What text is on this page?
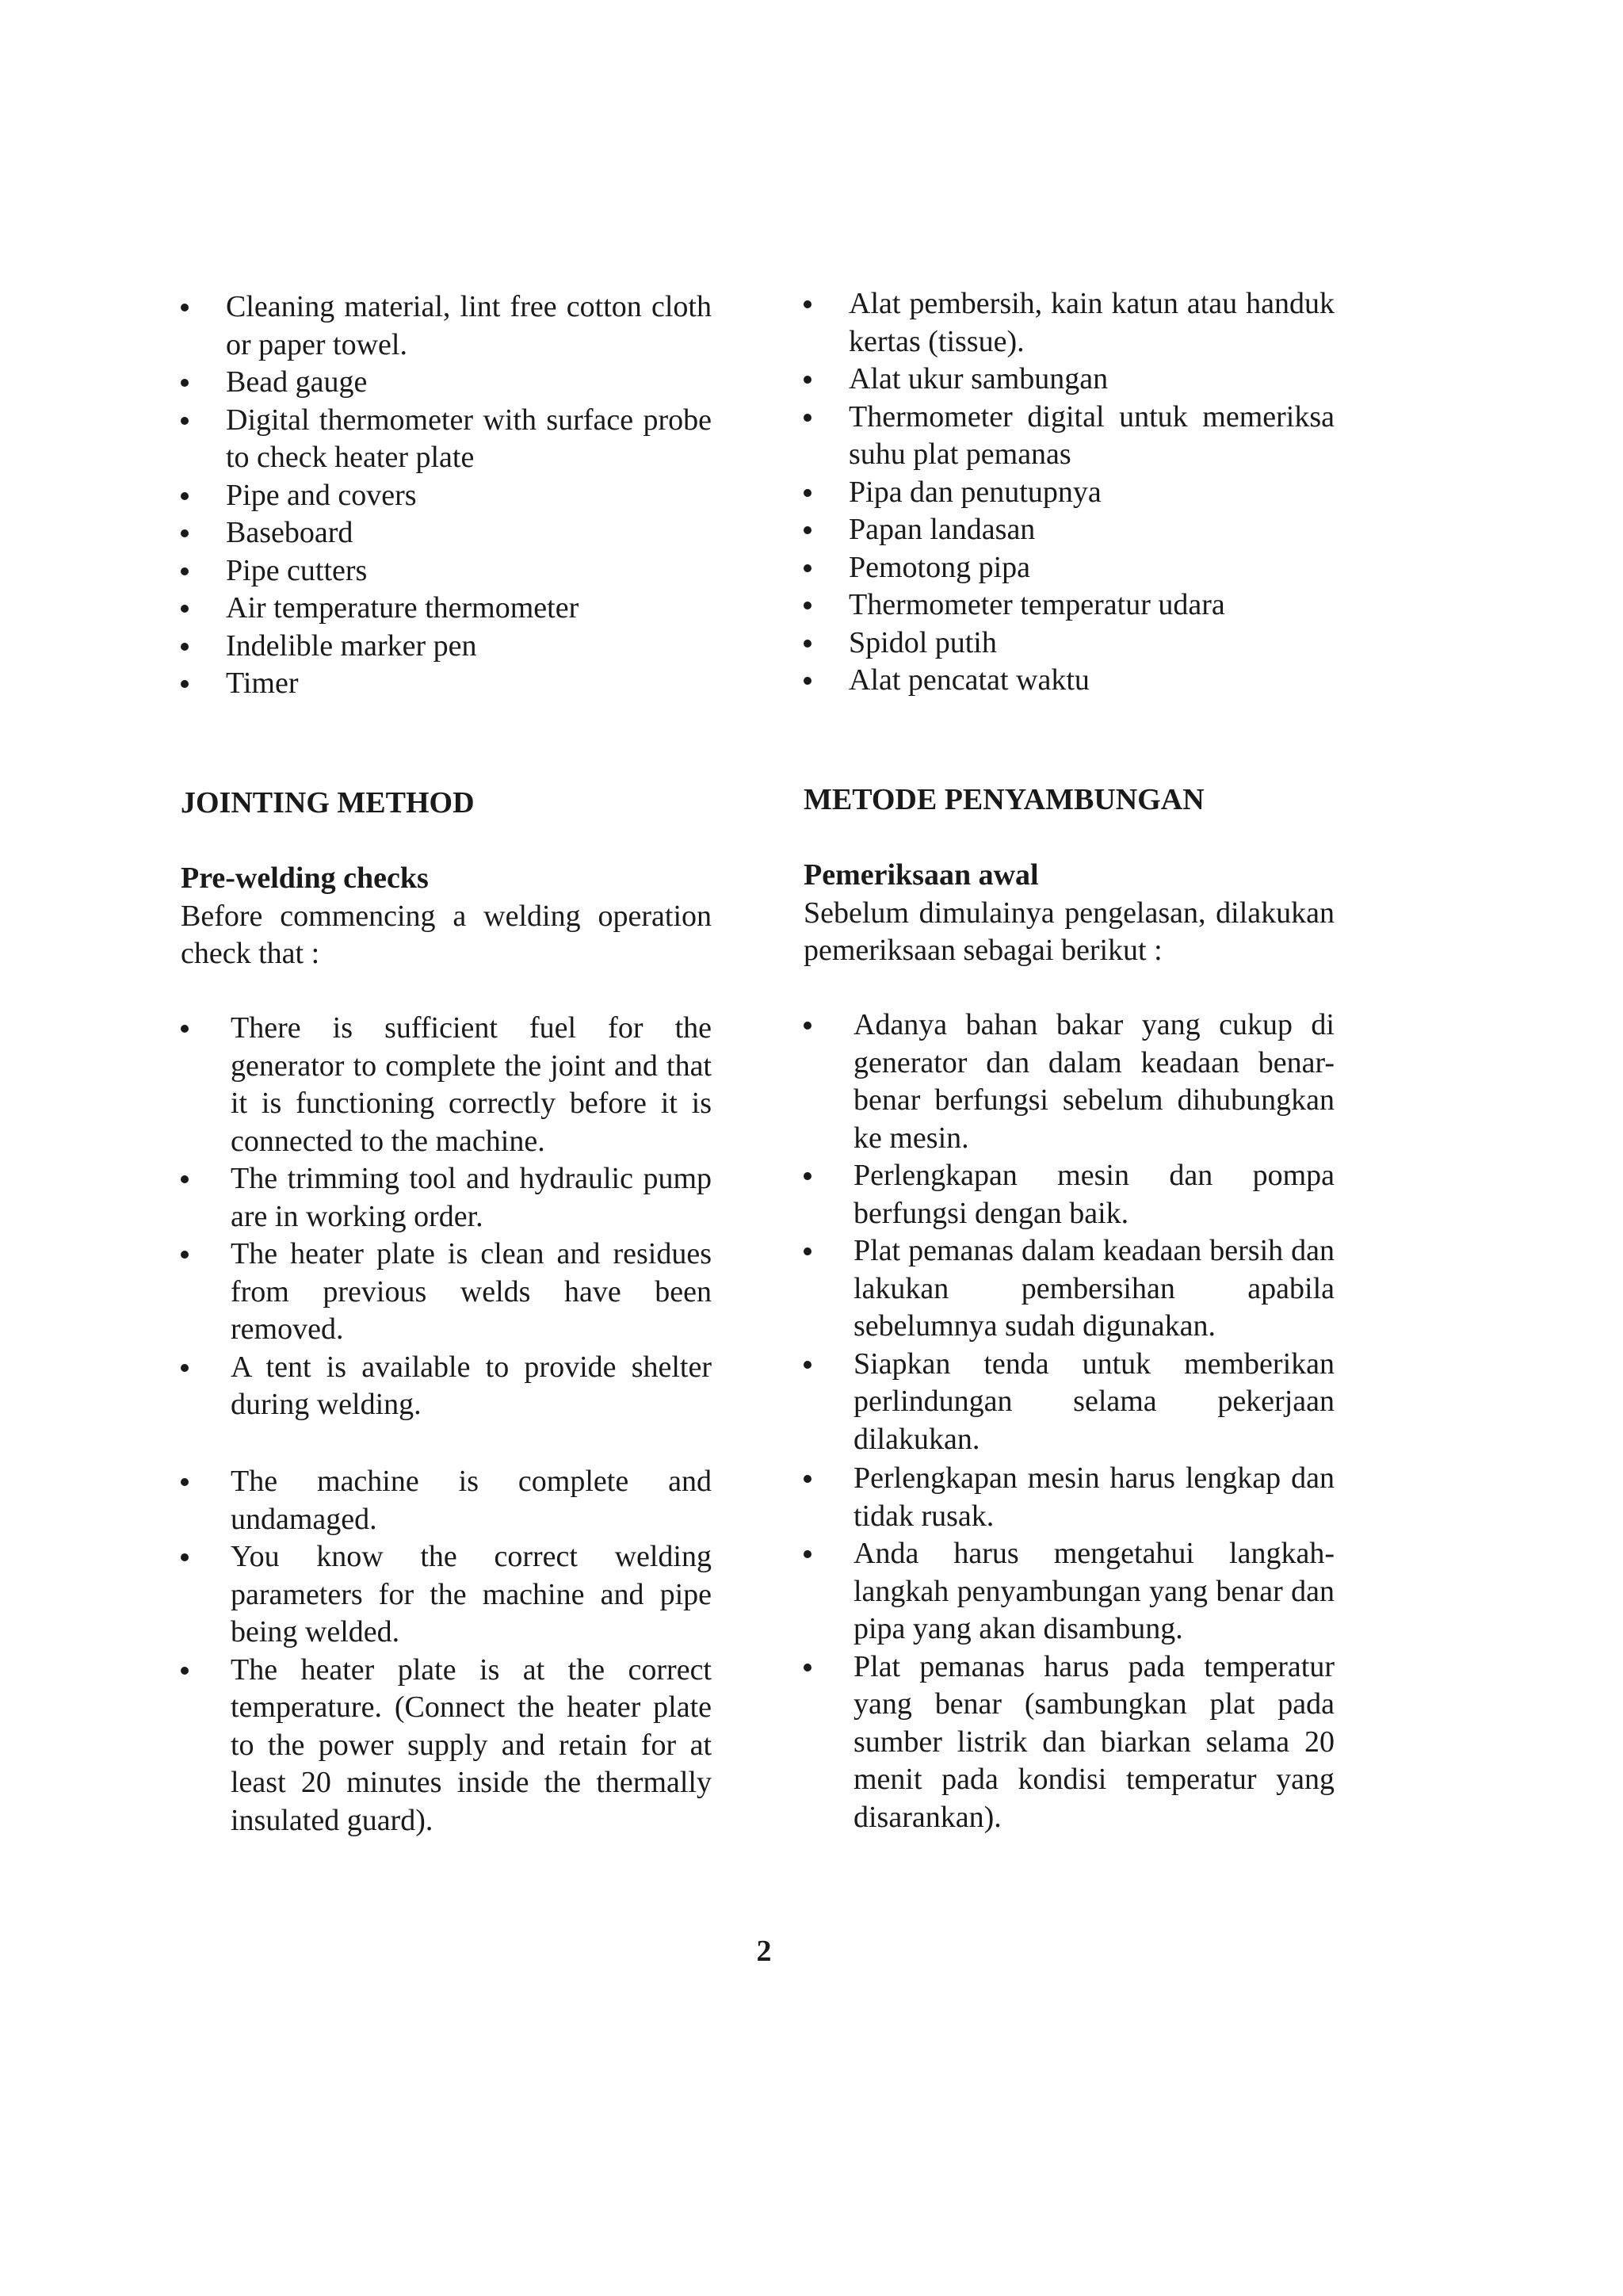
Cleaning material, lint free cotton cloth or paper towel.
Bead gauge
Digital thermometer with surface probe to check heater plate
Pipe and covers
Baseboard
Pipe cutters
Air temperature thermometer
Indelible marker pen
Timer
JOINTING METHOD
Pre-welding checks

Before commencing a welding operation check that :

There is sufficient fuel for the generator to complete the joint and that it is functioning correctly before it is connected to the machine.
The trimming tool and hydraulic pump are in working order.
The heater plate is clean and residues from previous welds have been removed.
A tent is available to provide shelter during welding.
The machine is complete and undamaged.
You know the correct welding parameters for the machine and pipe being welded.
The heater plate is at the correct temperature. (Connect the heater plate to the power supply and retain for at least 20 minutes inside the thermally insulated guard).
Alat pembersih, kain katun atau handuk kertas (tissue).
Alat ukur sambungan
Thermometer digital untuk memeriksa suhu plat pemanas
Pipa dan penutupnya
Papan landasan
Pemotong pipa
Thermometer temperatur udara
Spidol putih
Alat pencatat waktu
METODE PENYAMBUNGAN
Pemeriksaan awal

Sebelum dimulainya pengelasan, dilakukan pemeriksaan sebagai berikut :

Adanya bahan bakar yang cukup di generator dan dalam keadaan benar-benar berfungsi sebelum dihubungkan ke mesin.
Perlengkapan mesin dan pompa berfungsi dengan baik.
Plat pemanas dalam keadaan bersih dan lakukan pembersihan apabila sebelumnya sudah digunakan.
Siapkan tenda untuk memberikan perlindungan selama pekerjaan dilakukan.
Perlengkapan mesin harus lengkap dan tidak rusak.
Anda harus mengetahui langkah-langkah penyambungan yang benar dan pipa yang akan disambung.
Plat pemanas harus pada temperatur yang benar (sambungkan plat pada sumber listrik dan biarkan selama 20 menit pada kondisi temperatur yang disarankan).
2
